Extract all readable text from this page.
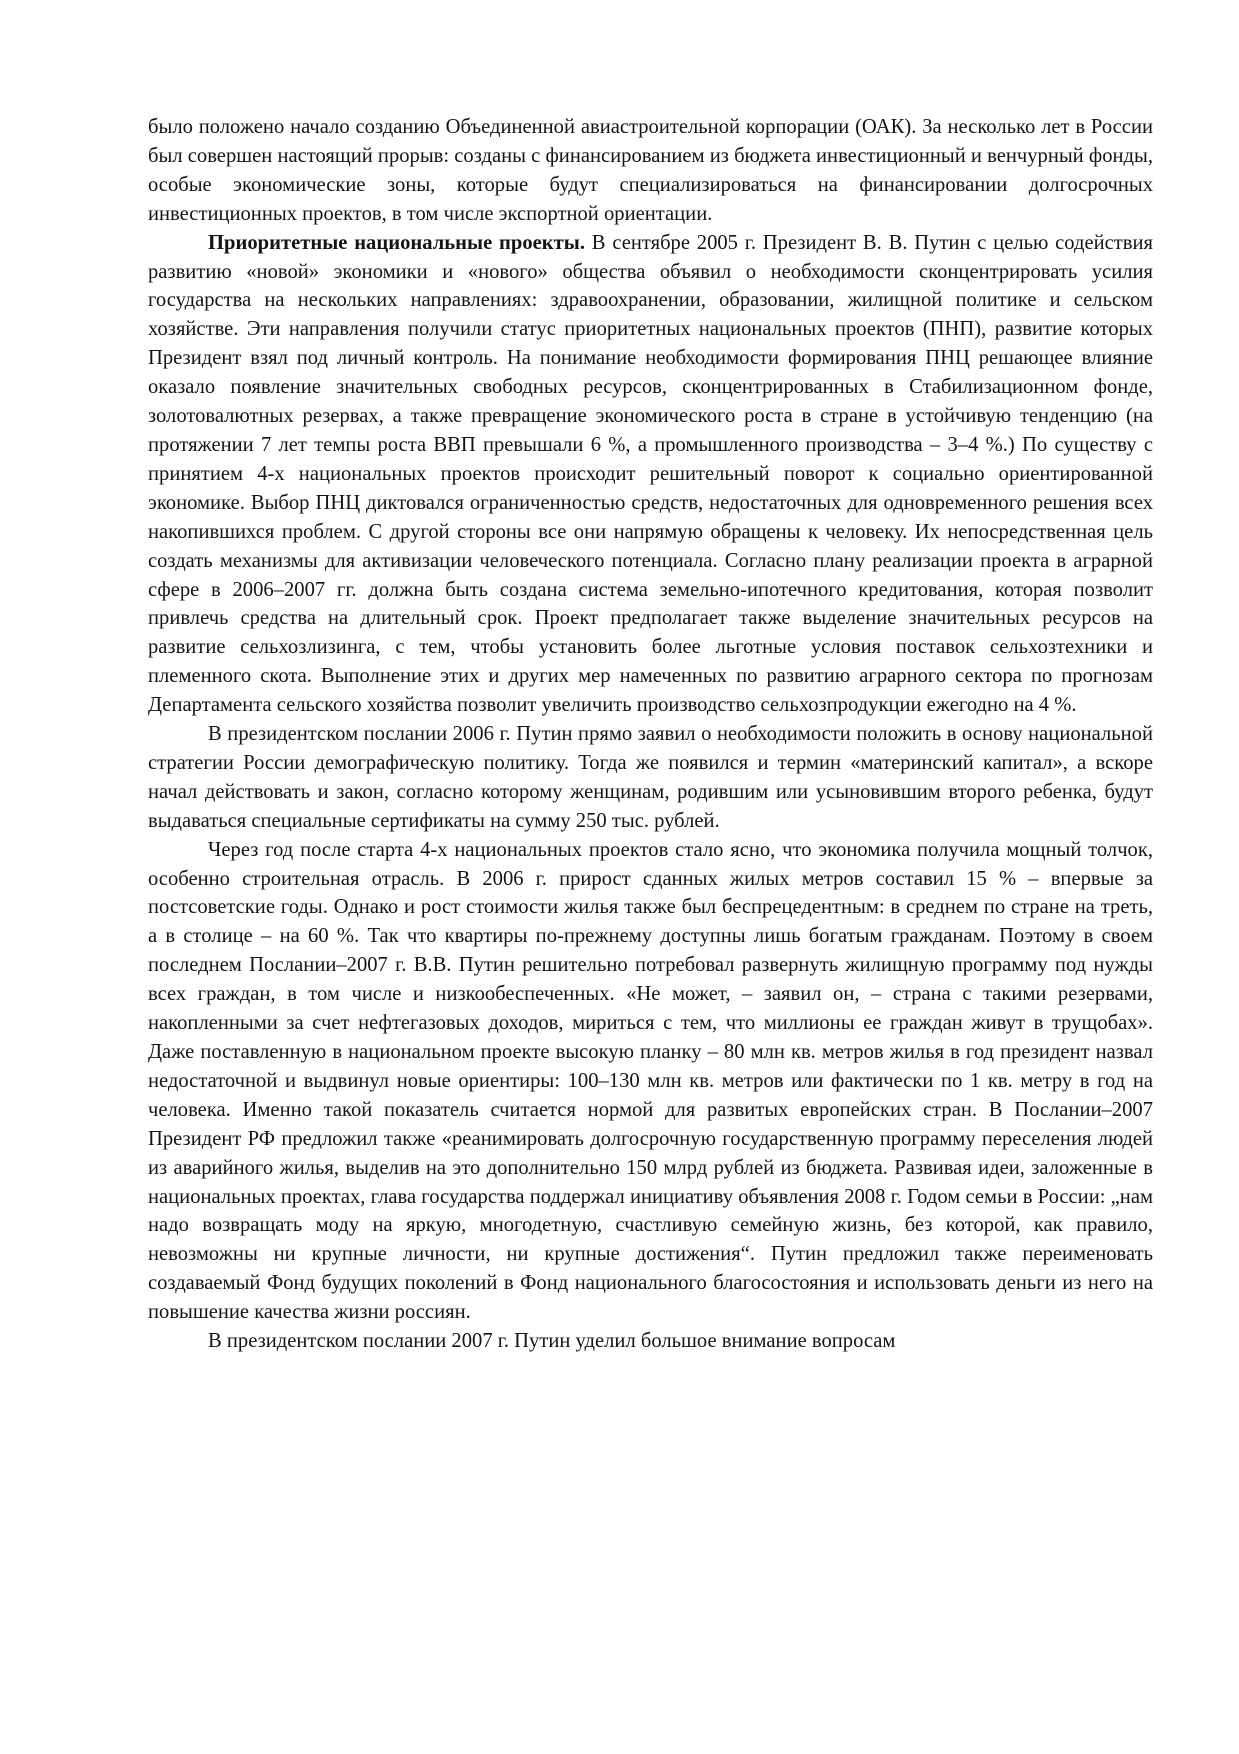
было положено начало созданию Объединенной авиастроительной корпорации (ОАК). За несколько лет в России был совершен настоящий прорыв: созданы с финансированием из бюджета инвестиционный и венчурный фонды, особые экономические зоны, которые будут специализироваться на финансировании долгосрочных инвестиционных проектов, в том числе экспортной ориентации.

Приоритетные национальные проекты. В сентябре 2005 г. Президент В. В. Путин с целью содействия развитию «новой» экономики и «нового» общества объявил о необходимости сконцентрировать усилия государства на нескольких направлениях: здравоохранении, образовании, жилищной политике и сельском хозяйстве. Эти направления получили статус приоритетных национальных проектов (ПНП), развитие которых Президент взял под личный контроль. На понимание необходимости формирования ПНЦ решающее влияние оказало появление значительных свободных ресурсов, сконцентрированных в Стабилизационном фонде, золотовалютных резервах, а также превращение экономического роста в стране в устойчивую тенденцию (на протяжении 7 лет темпы роста ВВП превышали 6 %, а промышленного производства – 3–4 %.) По существу с принятием 4-х национальных проектов происходит решительный поворот к социально ориентированной экономике. Выбор ПНЦ диктовался ограниченностью средств, недостаточных для одновременного решения всех накопившихся проблем. С другой стороны все они напрямую обращены к человеку. Их непосредственная цель создать механизмы для активизации человеческого потенциала. Согласно плану реализации проекта в аграрной сфере в 2006–2007 гг. должна быть создана система земельно-ипотечного кредитования, которая позволит привлечь средства на длительный срок. Проект предполагает также выделение значительных ресурсов на развитие сельхозлизинга, с тем, чтобы установить более льготные условия поставок сельхозтехники и племенного скота. Выполнение этих и других мер намеченных по развитию аграрного сектора по прогнозам Департамента сельского хозяйства позволит увеличить производство сельхозпродукции ежегодно на 4 %.

В президентском послании 2006 г. Путин прямо заявил о необходимости положить в основу национальной стратегии России демографическую политику. Тогда же появился и термин «материнский капитал», а вскоре начал действовать и закон, согласно которому женщинам, родившим или усыновившим второго ребенка, будут выдаваться специальные сертификаты на сумму 250 тыс. рублей.

Через год после старта 4-х национальных проектов стало ясно, что экономика получила мощный толчок, особенно строительная отрасль. В 2006 г. прирост сданных жилых метров составил 15 % – впервые за постсоветские годы. Однако и рост стоимости жилья также был беспрецедентным: в среднем по стране на треть, а в столице – на 60 %. Так что квартиры по-прежнему доступны лишь богатым гражданам. Поэтому в своем последнем Послании–2007 г. В.В. Путин решительно потребовал развернуть жилищную программу под нужды всех граждан, в том числе и низкообеспеченных. «Не может, – заявил он, – страна с такими резервами, накопленными за счет нефтегазовых доходов, мириться с тем, что миллионы ее граждан живут в трущобах». Даже поставленную в национальном проекте высокую планку – 80 млн кв. метров жилья в год президент назвал недостаточной и выдвинул новые ориентиры: 100–130 млн кв. метров или фактически по 1 кв. метру в год на человека. Именно такой показатель считается нормой для развитых европейских стран. В Послании–2007 Президент РФ предложил также «реанимировать долгосрочную государственную программу переселения людей из аварийного жилья, выделив на это дополнительно 150 млрд рублей из бюджета. Развивая идеи, заложенные в национальных проектах, глава государства поддержал инициативу объявления 2008 г. Годом семьи в России: „нам надо возвращать моду на яркую, многодетную, счастливую семейную жизнь, без которой, как правило, невозможны ни крупные личности, ни крупные достижения“. Путин предложил также переименовать создаваемый Фонд будущих поколений в Фонд национального благосостояния и использовать деньги из него на повышение качества жизни россиян.

В президентском послании 2007 г. Путин уделил большое внимание вопросам
